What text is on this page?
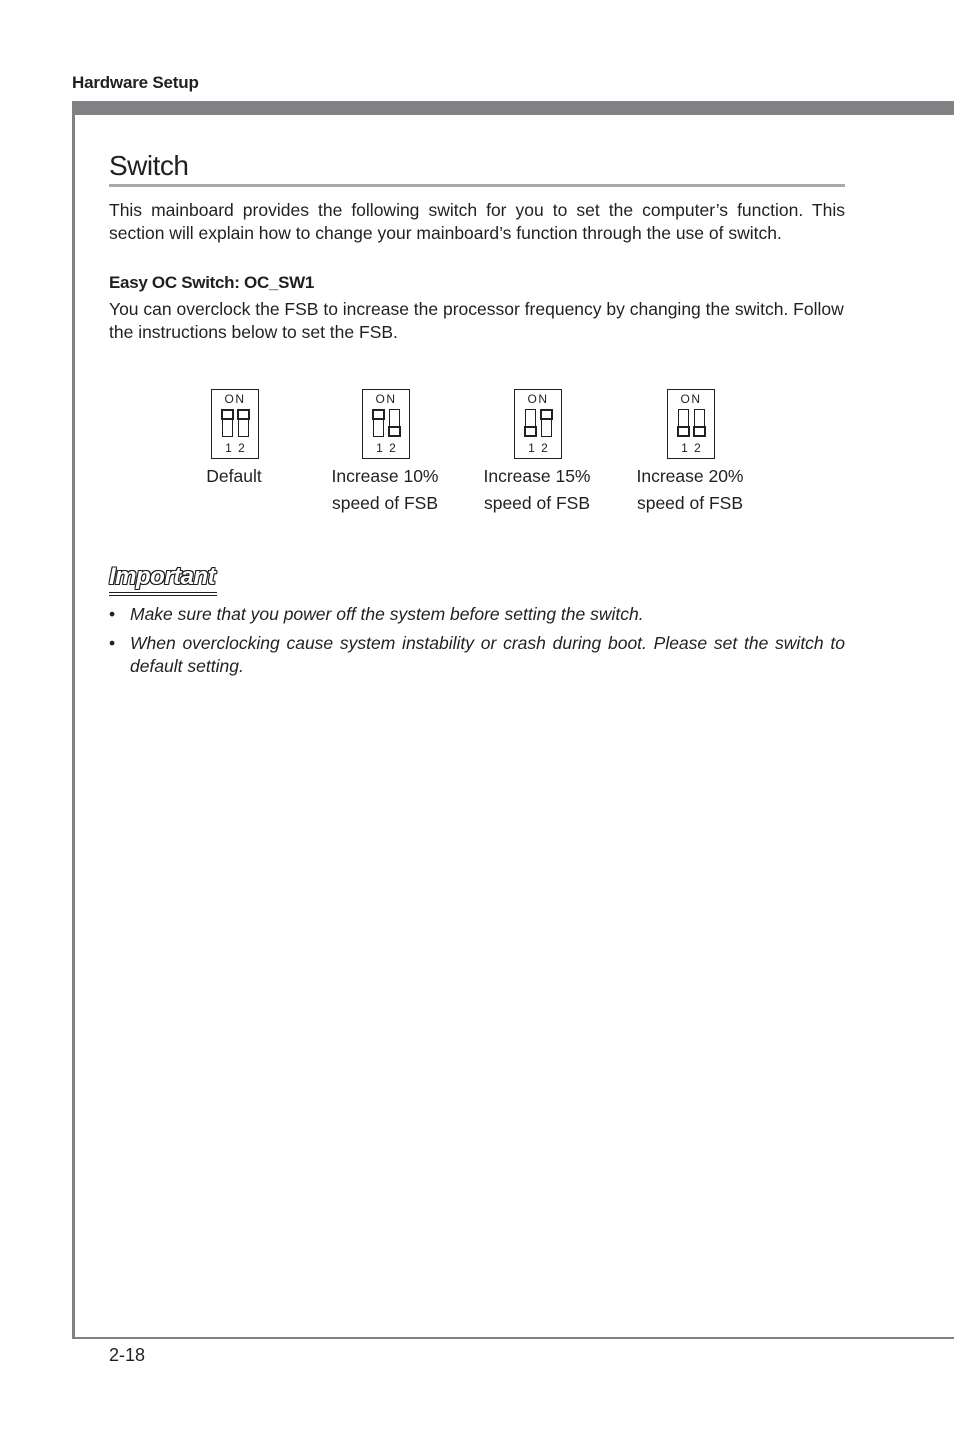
Hardware Setup
Switch
This mainboard provides the following switch for you to set the computer’s function. This section will explain how to change your mainboard’s function through the use of switch.
Easy OC Switch: OC_SW1
You can overclock the FSB to increase the processor frequency by changing the switch. Follow the instructions below to set the FSB.
ON
1 2
Default
ON
1 2
Increase 10%
speed of FSB
ON
1 2
Increase 15%
speed of FSB
ON
1 2
Increase 20%
speed of FSB
Important
• Make sure that you power off the system before setting the switch.
• When overclocking cause system instability or crash during boot. Please set the switch to default setting.
2-18
